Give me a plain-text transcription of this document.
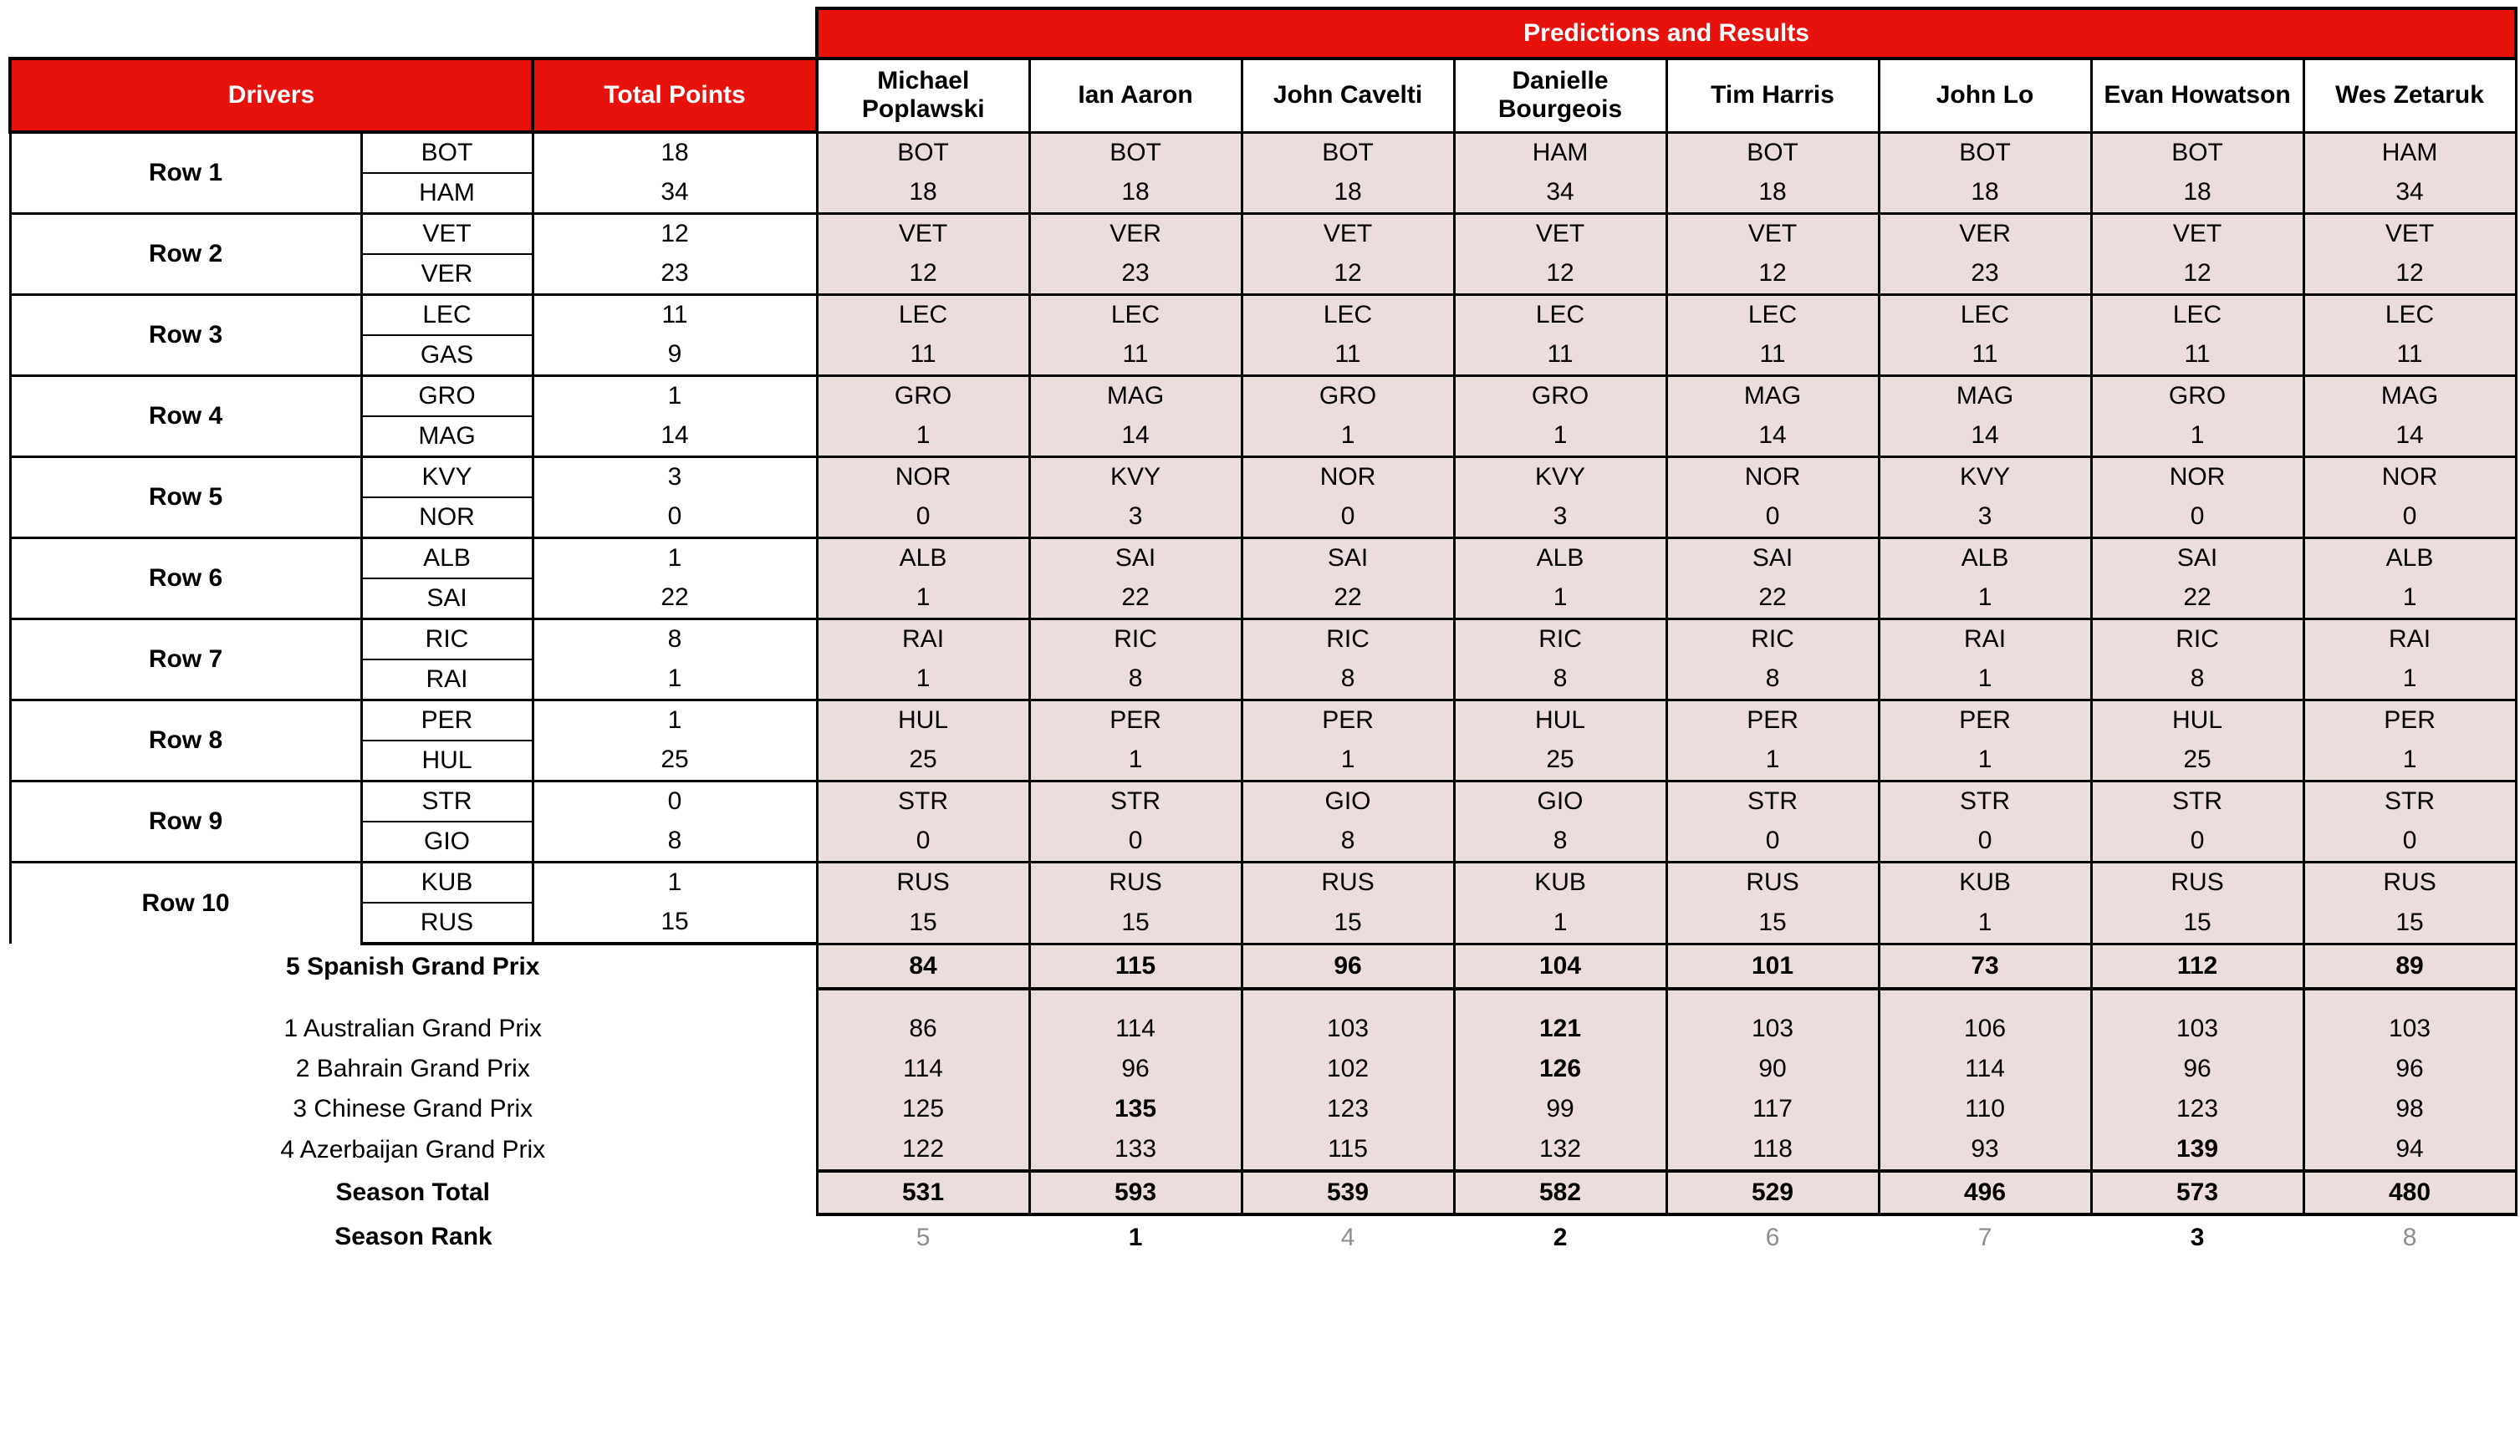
			Predictions and Results							
Drivers		Total Points	Michael Poplawski	Ian Aaron	John Cavelti	Danielle Bourgeois	Tim Harris	John Lo	Evan Howatson	Wes Zetaruk
Row 1	BOT	18	BOT	BOT	BOT	HAM	BOT	BOT	BOT	HAM
	HAM	34	18	18	18	34	18	18	18	34
Row 2	VET	12	VET	VER	VET	VET	VET	VER	VET	VET
	VER	23	12	23	12	12	12	23	12	12
Row 3	LEC	11	LEC	LEC	LEC	LEC	LEC	LEC	LEC	LEC
	GAS	9	11	11	11	11	11	11	11	11
Row 4	GRO	1	GRO	MAG	GRO	GRO	MAG	MAG	GRO	MAG
	MAG	14	1	14	1	1	14	14	1	14
Row 5	KVY	3	NOR	KVY	NOR	KVY	NOR	KVY	NOR	NOR
	NOR	0	0	3	0	3	0	3	0	0
Row 6	ALB	1	ALB	SAI	SAI	ALB	SAI	ALB	SAI	ALB
	SAI	22	1	22	22	1	22	1	22	1
Row 7	RIC	8	RAI	RIC	RIC	RIC	RIC	RAI	RIC	RAI
	RAI	1	1	8	8	8	8	1	8	1
Row 8	PER	1	HUL	PER	PER	HUL	PER	PER	HUL	PER
	HUL	25	25	1	1	25	1	1	25	1
Row 9	STR	0	STR	STR	GIO	GIO	STR	STR	STR	STR
	GIO	8	0	0	8	8	0	0	0	0
Row 10	KUB	1	RUS	RUS	RUS	KUB	RUS	KUB	RUS	RUS
	RUS	15	15	15	15	1	15	1	15	15
5 Spanish Grand Prix			84	115	96	104	101	73	112	89

1 Australian Grand Prix			86	114	103	121	103	106	103	103
2 Bahrain Grand Prix			114	96	102	126	90	114	96	96
3 Chinese Grand Prix			125	135	123	99	117	110	123	98
4 Azerbaijan Grand Prix			122	133	115	132	118	93	139	94
Season Total			531	593	539	582	529	496	573	480
Season Rank			5	1	4	2	6	7	3	8
